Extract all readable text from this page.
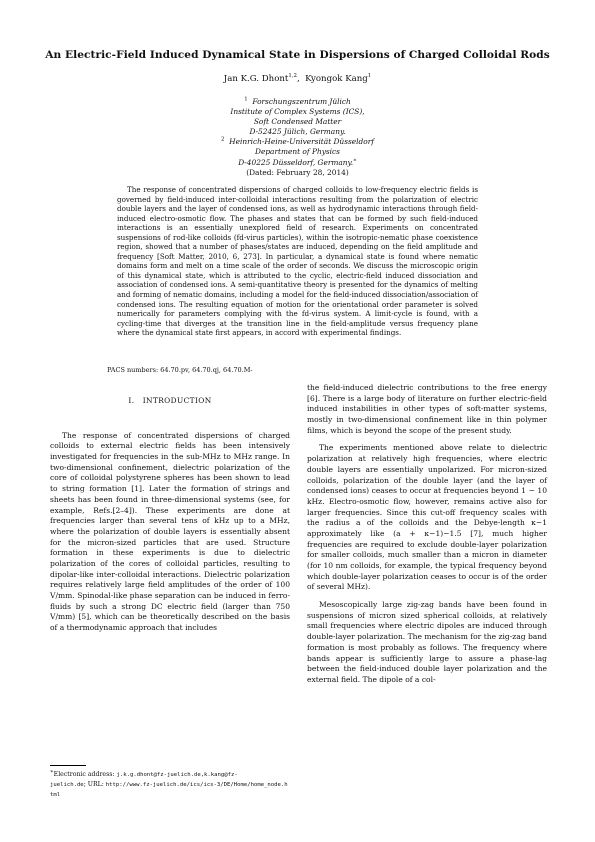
An Electric-Field Induced Dynamical State in Dispersions of Charged Colloidal Rods
Jan K.G. Dhont$^{1,2}$,  Kyongok Kang$^1$
$^1$ Forschungszentrum Jülich
Institute of Complex Systems (ICS),
Soft Condensed Matter
D-52425 Jülich, Germany.
$^2$ Heinrich-Heine-Universität Düsseldorf
Department of Physics
D-40225 Düsseldorf, Germany.∗
(Dated: February 28, 2014)
The response of concentrated dispersions of charged colloids to low-frequency electric fields is governed by field-induced inter-colloidal interactions resulting from the polarization of electric double layers and the layer of condensed ions, as well as hydrodynamic interactions through field-induced electro-osmotic flow. The phases and states that can be formed by such field-induced interactions is an essentially unexplored field of research. Experiments on concentrated suspensions of rod-like colloids (fd-virus particles), within the isotropic-nematic phase coexistence region, showed that a number of phases/states are induced, depending on the field amplitude and frequency [Soft Matter, 2010, 6, 273]. In particular, a dynamical state is found where nematic domains form and melt on a time scale of the order of seconds. We discuss the microscopic origin of this dynamical state, which is attributed to the cyclic, electric-field induced dissociation and association of condensed ions. A semi-quantitative theory is presented for the dynamics of melting and forming of nematic domains, including a model for the field-induced dissociation/association of condensed ions. The resulting equation of motion for the orientational order parameter is solved numerically for parameters complying with the fd-virus system. A limit-cycle is found, with a cycling-time that diverges at the transition line in the field-amplitude versus frequency plane where the dynamical state first appears, in accord with experimental findings.
PACS numbers: 64.70.pv, 64.70.qj, 64.70.M-
I.   INTRODUCTION

The response of concentrated dispersions of charged colloids to external electric fields has been intensively investigated for frequencies in the sub-MHz to MHz range. In two-dimensional confinement, dielectric polarization of the core of colloidal polystyrene spheres has been shown to lead to string formation [1]. Later the formation of strings and sheets has been found in three-dimensional systems (see, for example, Refs.[2–4]). These experiments are done at frequencies larger than several tens of kHz up to a MHz, where the polarization of double layers is essentially absent for the micron-sized particles that are used. Structure formation in these experiments is due to dielectric polarization of the cores of colloidal particles, resulting to dipolar-like inter-colloidal interactions. Dielectric polarization requires relatively large field amplitudes of the order of 100 V/mm. Spinodal-like phase separation can be induced in ferro-fluids by such a strong DC electric field (larger than 750 V/mm) [5], which can be theoretically described on the basis of a thermodynamic approach that includes

the field-induced dielectric contributions to the free energy [6]. There is a large body of literature on further electric-field induced instabilities in other types of soft-matter systems, mostly in two-dimensional confinement like in thin polymer films, which is beyond the scope of the present study.

The experiments mentioned above relate to dielectric polarization at relatively high frequencies, where electric double layers are essentially unpolarized. For micron-sized colloids, polarization of the double layer (and the layer of condensed ions) ceases to occur at frequencies beyond 1 − 10 kHz. Electro-osmotic flow, however, remains active also for larger frequencies. Since this cut-off frequency scales with the radius a of the colloids and the Debye-length κ−1 approximately like (a + κ−1)−1.5 [7], much higher frequencies are required to exclude double-layer polarization for smaller colloids, much smaller than a micron in diameter (for 10 nm colloids, for example, the typical frequency beyond which double-layer polarization ceases to occur is of the order of several MHz).

Mesoscopically large zig-zag bands have been found in suspensions of micron sized spherical colloids, at relatively small frequencies where electric dipoles are induced through double-layer polarization. The mechanism for the zig-zag band formation is most probably as follows. The frequency where bands appear is sufficiently large to assure a phase-lag between the field-induced double layer polarization and the external field. The dipole of a col-

∗Electronic address: j.k.g.dhont@fz-juelich.de,k.kang@fz-juelich.de; URL: http://www.fz-juelich.de/ics/ics-3/DE/Home/home_node.html
